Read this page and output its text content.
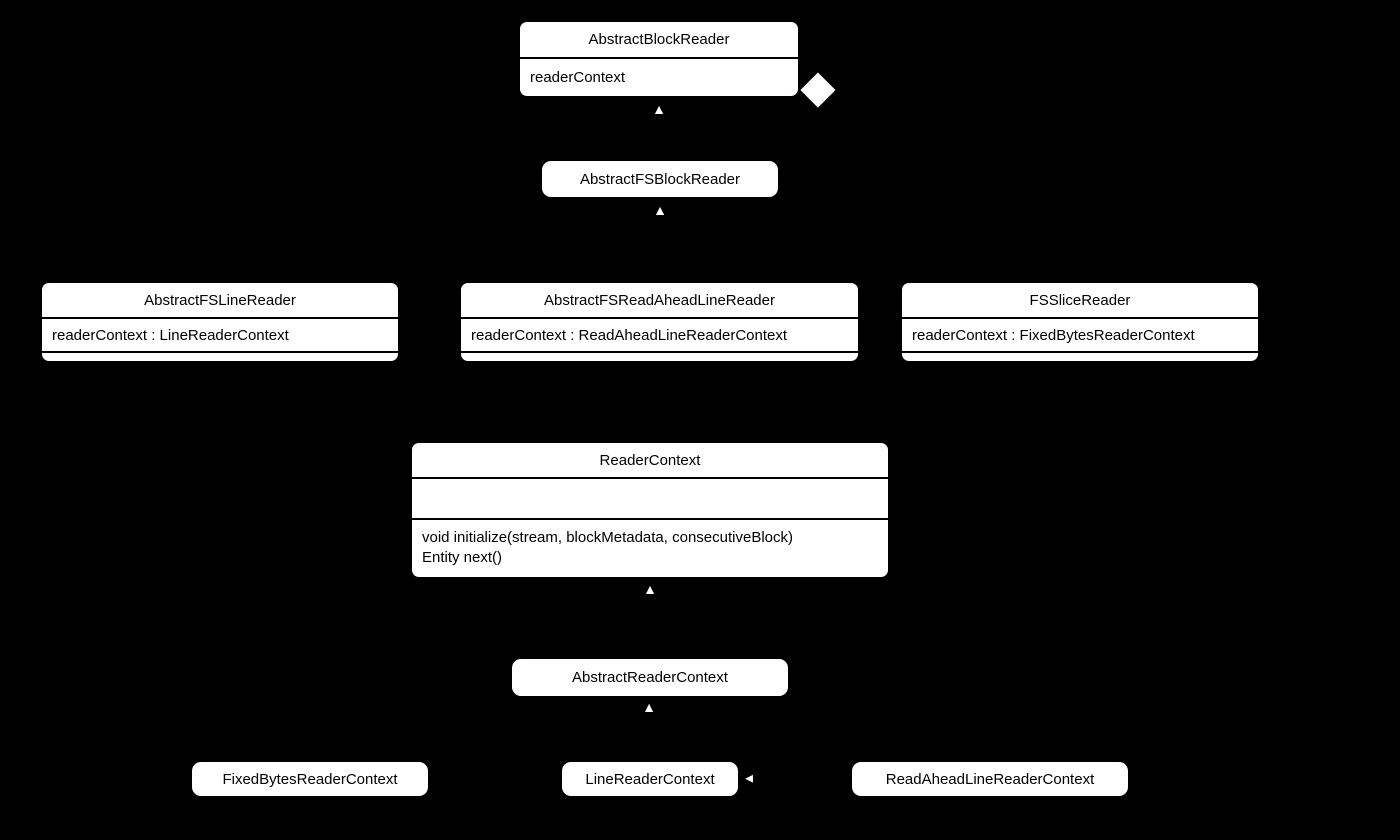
AbstractBlockReader
readerContext	◆
▲
AbstractFSBlockReader
▲
AbstractFSLineReader
readerContext : LineReaderContext
AbstractFSReadAheadLineReader
readerContext : ReadAheadLineReaderContext
FSSliceReader
readerContext : FixedBytesReaderContext
ReaderContext
void initialize(stream, blockMetadata, consecutiveBlock)
Entity next()
▲
AbstractReaderContext
▲
FixedBytesReaderContext	LineReaderContext	◄	ReadAheadLineReaderContext
